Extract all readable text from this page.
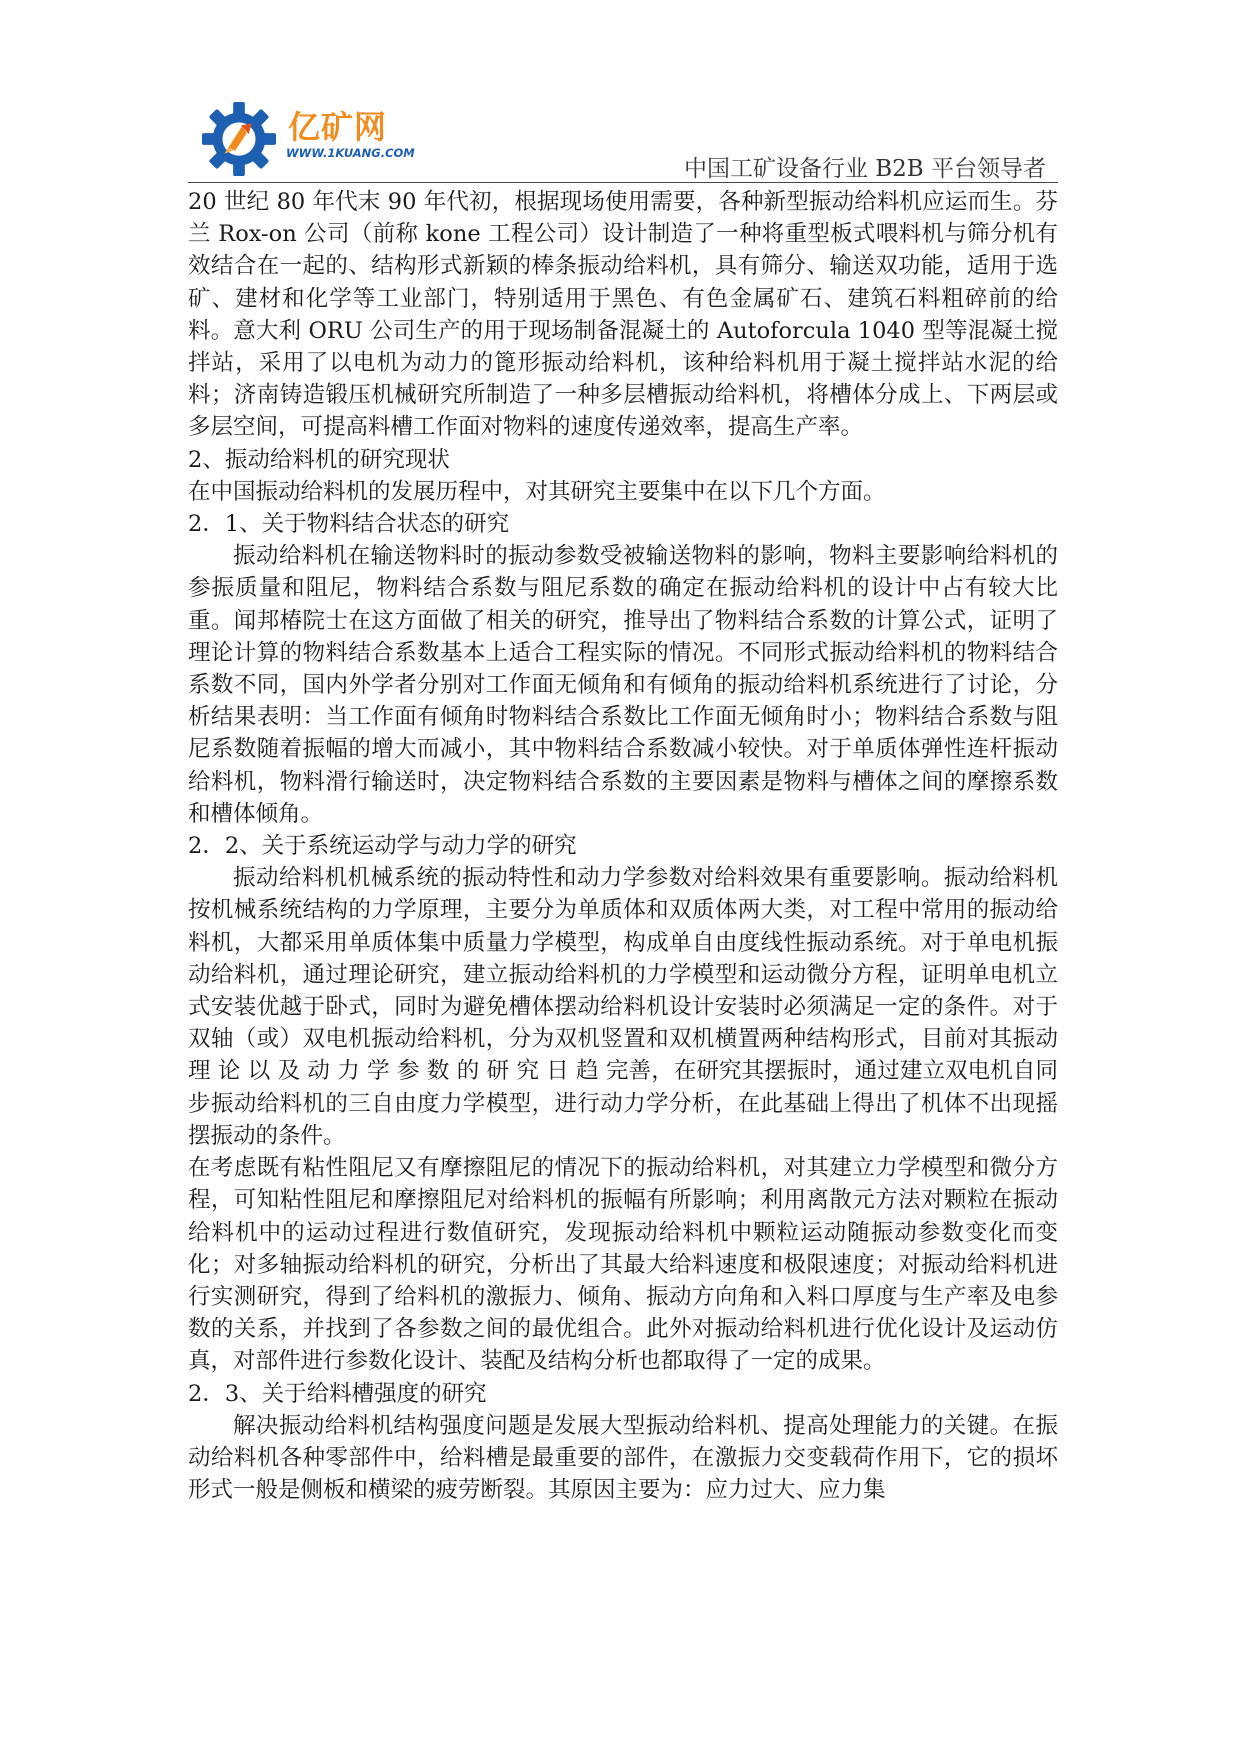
亿矿网
WWW.1KUANG.COM
中国工矿设备行业 B2B 平台领导者

20 世纪 80 年代末 90 年代初，根据现场使用需要，各种新型振动给料机应运而生。芬兰 Rox-on 公司（前称 kone 工程公司）设计制造了一种将重型板式喂料机与筛分机有效结合在一起的、结构形式新颖的棒条振动给料机，具有筛分、输送双功能，适用于选矿、建材和化学等工业部门，特别适用于黑色、有色金属矿石、建筑石料粗碎前的给料。意大利 ORU 公司生产的用于现场制备混凝土的 Autoforcula 1040 型等混凝土搅拌站，采用了以电机为动力的篦形振动给料机，该种给料机用于凝土搅拌站水泥的给料；济南铸造锻压机械研究所制造了一种多层槽振动给料机，将槽体分成上、下两层或多层空间，可提高料槽工作面对物料的速度传递效率，提高生产率。

2、振动给料机的研究现状

在中国振动给料机的发展历程中，对其研究主要集中在以下几个方面。

2．1、关于物料结合状态的研究

振动给料机在输送物料时的振动参数受被输送物料的影响，物料主要影响给料机的参振质量和阻尼，物料结合系数与阻尼系数的确定在振动给料机的设计中占有较大比重。闻邦椿院士在这方面做了相关的研究，推导出了物料结合系数的计算公式，证明了理论计算的物料结合系数基本上适合工程实际的情况。不同形式振动给料机的物料结合系数不同，国内外学者分别对工作面无倾角和有倾角的振动给料机系统进行了讨论，分析结果表明：当工作面有倾角时物料结合系数比工作面无倾角时小；物料结合系数与阻尼系数随着振幅的增大而减小，其中物料结合系数减小较快。对于单质体弹性连杆振动给料机，物料滑行输送时，决定物料结合系数的主要因素是物料与槽体之间的摩擦系数和槽体倾角。

2．2、关于系统运动学与动力学的研究

振动给料机机械系统的振动特性和动力学参数对给料效果有重要影响。振动给料机按机械系统结构的力学原理，主要分为单质体和双质体两大类，对工程中常用的振动给料机，大都采用单质体集中质量力学模型，构成单自由度线性振动系统。对于单电机振动给料机，通过理论研究，建立振动给料机的力学模型和运动微分方程，证明单电机立式安装优越于卧式，同时为避免槽体摆动给料机设计安装时必须满足一定的条件。对于双轴（或）双电机振动给料机，分为双机竖置和双机横置两种结构形式，目前对其振动 理 论 以 及 动 力 学 参 数 的 研 究 日 趋 完善，在研究其摆振时，通过建立双电机自同步振动给料机的三自由度力学模型，进行动力学分析，在此基础上得出了机体不出现摇摆振动的条件。

在考虑既有粘性阻尼又有摩擦阻尼的情况下的振动给料机，对其建立力学模型和微分方程，可知粘性阻尼和摩擦阻尼对给料机的振幅有所影响；利用离散元方法对颗粒在振动给料机中的运动过程进行数值研究，发现振动给料机中颗粒运动随振动参数变化而变化；对多轴振动给料机的研究，分析出了其最大给料速度和极限速度；对振动给料机进行实测研究，得到了给料机的激振力、倾角、振动方向角和入料口厚度与生产率及电参数的关系，并找到了各参数之间的最优组合。此外对振动给料机进行优化设计及运动仿真，对部件进行参数化设计、装配及结构分析也都取得了一定的成果。

2．3、关于给料槽强度的研究

解决振动给料机结构强度问题是发展大型振动给料机、提高处理能力的关键。在振动给料机各种零部件中，给料槽是最重要的部件，在激振力交变载荷作用下，它的损坏形式一般是侧板和横梁的疲劳断裂。其原因主要为：应力过大、应力集
